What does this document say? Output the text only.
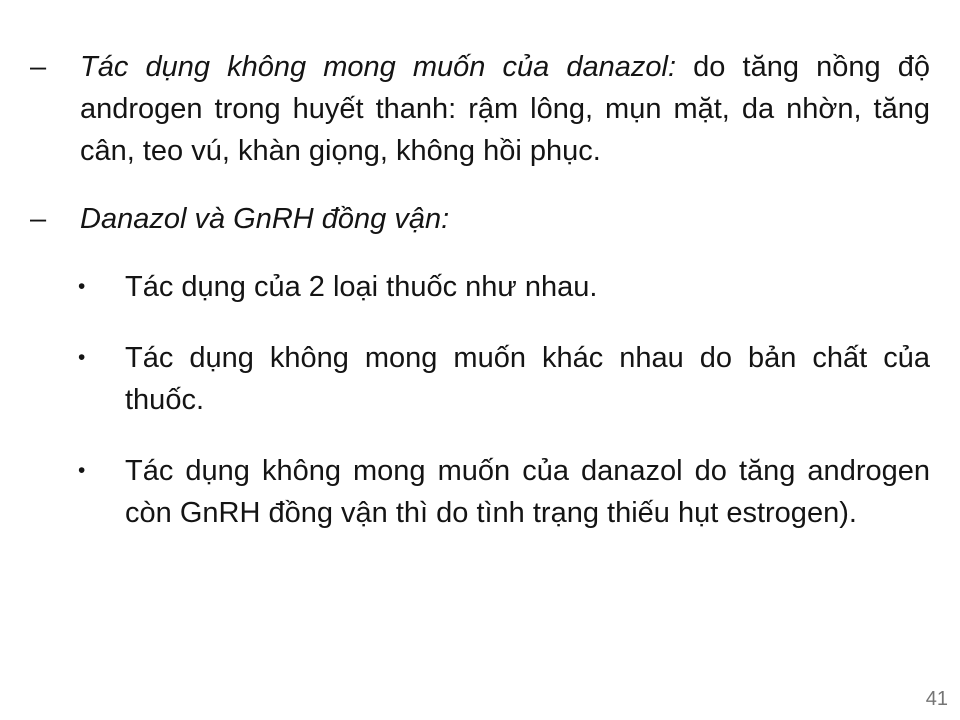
–	Tác dụng không mong muốn của danazol: do tăng nồng độ androgen trong huyết thanh: rậm lông, mụn mặt, da nhờn, tăng cân, teo vú, khàn giọng, không hồi phục.

–	Danazol và GnRH đồng vận:

•	Tác dụng của 2 loại thuốc như nhau.

•	Tác dụng không mong muốn khác nhau do bản chất của thuốc.

•	Tác dụng không mong muốn của danazol do tăng androgen còn GnRH đồng vận thì do tình trạng thiếu hụt estrogen).

41
